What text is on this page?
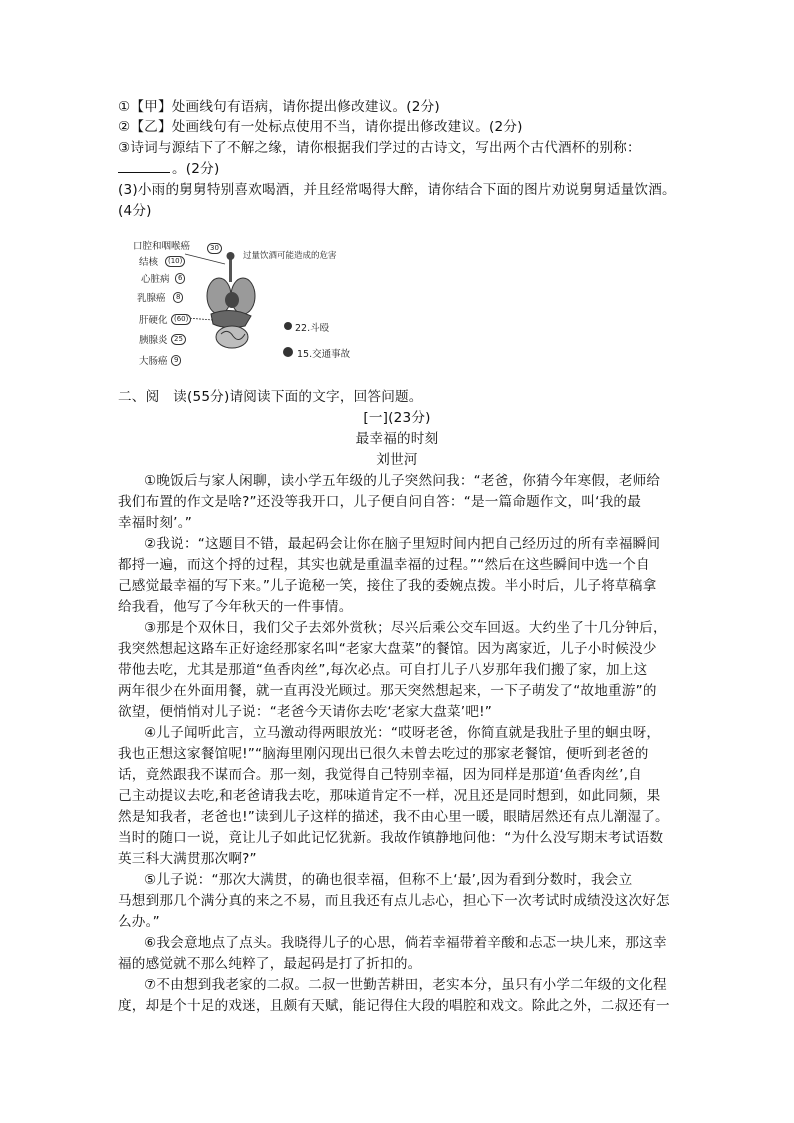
①【甲】处画线句有语病，请你提出修改建议。(2分)
②【乙】处画线句有一处标点使用不当，请你提出修改建议。(2分)
③诗词与源结下了不解之缘，请你根据我们学过的古诗文，写出两个古代酒杯的别称：
。(2分)
(3)小雨的舅舅特别喜欢喝酒，并且经常喝得大醉，请你结合下面的图片劝说舅舅适量饮酒。
(4分)
过量饮酒可能造成的危害
口腔和咽喉癌	30
结核	(10)
心脏病	6
乳腺癌	8
肝硬化 (60)
胰腺炎 25
大肠癌 9
22.斗殴
15.交通事故
二、阅　读(55分)请阅读下面的文字，回答问题。
[一](23分)
最幸福的时刻
刘世河
①晚饭后与家人闲聊，读小学五年级的儿子突然问我：“老爸，你猜今年寒假，老师给
我们布置的作文是啥?”还没等我开口，儿子便自问自答：“是一篇命题作文，叫‘我的最
幸福时刻’。”
②我说：“这题目不错，最起码会让你在脑子里短时间内把自己经历过的所有幸福瞬间
都捋一遍，而这个捋的过程，其实也就是重温幸福的过程。”“然后在这些瞬间中选一个自
己感觉最幸福的写下来。”儿子诡秘一笑，接住了我的委婉点拨。半小时后，儿子将草稿拿
给我看，他写了今年秋天的一件事情。
③那是个双休日，我们父子去郊外赏秋；尽兴后乘公交车回返。大约坐了十几分钟后，
我突然想起这路车正好途经那家名叫“老家大盘菜”的餐馆。因为离家近，儿子小时候没少
带他去吃，尤其是那道“鱼香肉丝”,每次必点。可自打儿子八岁那年我们搬了家，加上这
两年很少在外面用餐，就一直再没光顾过。那天突然想起来，一下子萌发了“故地重游”的
欲望，便悄悄对儿子说：“老爸今天请你去吃‘老家大盘菜’吧!”
④儿子闻听此言，立马激动得两眼放光：“哎呀老爸，你简直就是我肚子里的蛔虫呀，
我也正想这家餐馆呢!”“脑海里刚闪现出已很久未曾去吃过的那家老餐馆，便听到老爸的
话，竟然跟我不谋而合。那一刻，我觉得自己特别幸福，因为同样是那道‘鱼香肉丝’,自
己主动提议去吃,和老爸请我去吃，那味道肯定不一样，况且还是同时想到，如此同频，果
然是知我者，老爸也!”读到儿子这样的描述，我不由心里一暖，眼睛居然还有点儿潮湿了。
当时的随口一说，竟让儿子如此记忆犹新。我故作镇静地问他：“为什么没写期末考试语数
英三科大满贯那次啊?”
⑤儿子说：“那次大满贯，的确也很幸福，但称不上‘最’,因为看到分数时，我会立
马想到那几个满分真的来之不易，而且我还有点儿忐心，担心下一次考试时成绩没这次好怎
么办。”
⑥我会意地点了点头。我晓得儿子的心思，倘若幸福带着辛酸和忐忑一块儿来，那这幸
福的感觉就不那么纯粹了，最起码是打了折扣的。
⑦不由想到我老家的二叔。二叔一世勤苦耕田，老实本分，虽只有小学二年级的文化程
度，却是个十足的戏迷，且颇有天赋，能记得住大段的唱腔和戏文。除此之外，二叔还有一
